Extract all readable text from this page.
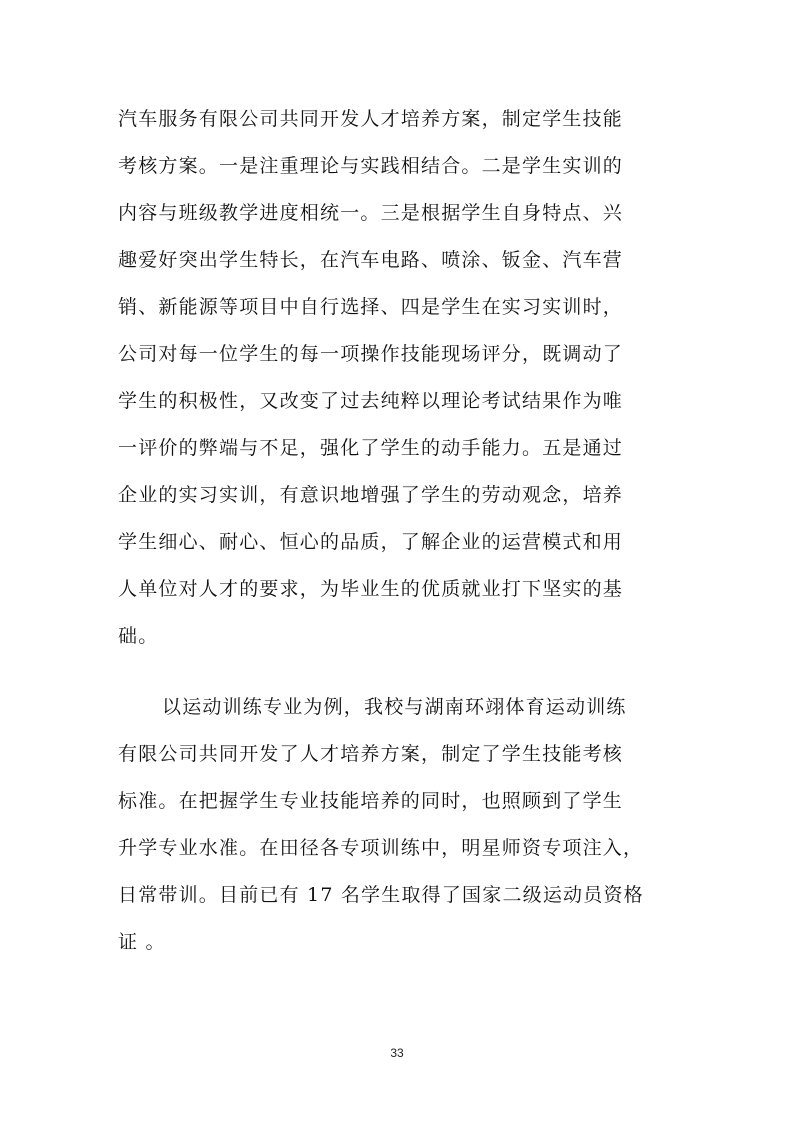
汽车服务有限公司共同开发人才培养方案，制定学生技能
考核方案。一是注重理论与实践相结合。二是学生实训的
内容与班级教学进度相统一。三是根据学生自身特点、兴
趣爱好突出学生特长，在汽车电路、喷涂、钣金、汽车营
销、新能源等项目中自行选择、四是学生在实习实训时，
公司对每一位学生的每一项操作技能现场评分，既调动了
学生的积极性，又改变了过去纯粹以理论考试结果作为唯
一评价的弊端与不足，强化了学生的动手能力。五是通过
企业的实习实训，有意识地增强了学生的劳动观念，培养
学生细心、耐心、恒心的品质，了解企业的运营模式和用
人单位对人才的要求，为毕业生的优质就业打下坚实的基
础。
以运动训练专业为例，我校与湖南环翊体育运动训练
有限公司共同开发了人才培养方案，制定了学生技能考核
标准。在把握学生专业技能培养的同时，也照顾到了学生
升学专业水准。在田径各专项训练中，明星师资专项注入，
日常带训。目前已有 17 名学生取得了国家二级运动员资格
证 。
33
